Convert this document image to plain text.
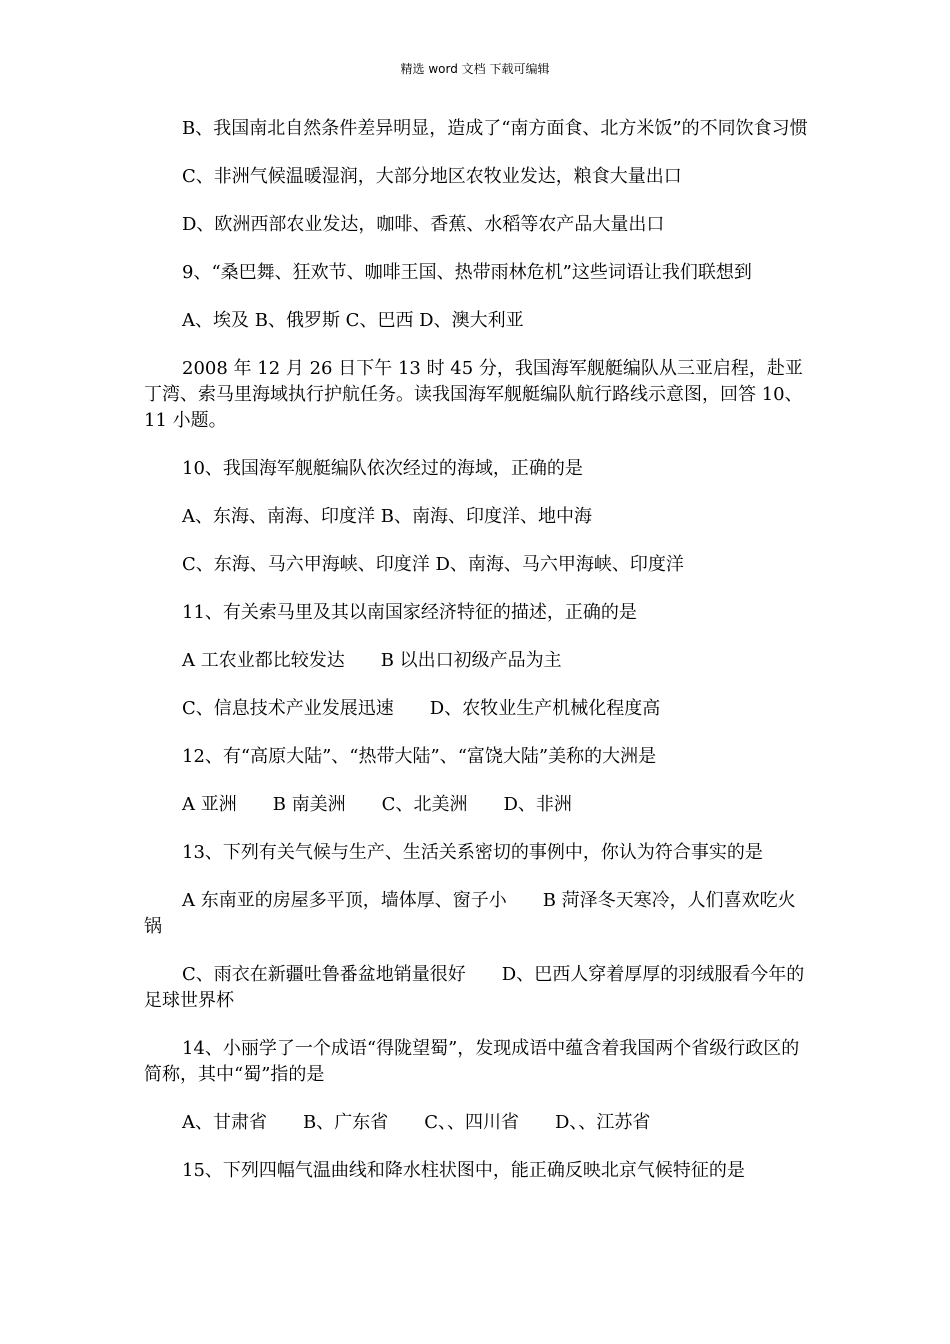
精选 word 文档 下载可编辑

B、我国南北自然条件差异明显，造成了“南方面食、北方米饭”的不同饮食习惯

C、非洲气候温暖湿润，大部分地区农牧业发达，粮食大量出口

D、欧洲西部农业发达，咖啡、香蕉、水稻等农产品大量出口

9、“桑巴舞、狂欢节、咖啡王国、热带雨林危机”这些词语让我们联想到

A、埃及 B、俄罗斯 C、巴西 D、澳大利亚

2008 年 12 月 26 日下午 13 时 45 分，我国海军舰艇编队从三亚启程，赴亚丁湾、索马里海域执行护航任务。读我国海军舰艇编队航行路线示意图，回答 10、11 小题。

10、我国海军舰艇编队依次经过的海域，正确的是

A、东海、南海、印度洋 B、南海、印度洋、地中海

C、东海、马六甲海峡、印度洋 D、南海、马六甲海峡、印度洋

11、有关索马里及其以南国家经济特征的描述，正确的是

A 工农业都比较发达　　B 以出口初级产品为主

C、信息技术产业发展迅速　　D、农牧业生产机械化程度高

12、有“高原大陆”、“热带大陆”、“富饶大陆”美称的大洲是

A 亚洲　　B 南美洲　　C、北美洲　　D、非洲

13、下列有关气候与生产、生活关系密切的事例中，你认为符合事实的是

A 东南亚的房屋多平顶，墙体厚、窗子小　　B 菏泽冬天寒冷，人们喜欢吃火锅

C、雨衣在新疆吐鲁番盆地销量很好　　D、巴西人穿着厚厚的羽绒服看今年的足球世界杯

14、小丽学了一个成语“得陇望蜀”，发现成语中蕴含着我国两个省级行政区的简称，其中“蜀”指的是

A、甘肃省　　B、广东省　　C、、四川省　　D、、江苏省

15、下列四幅气温曲线和降水柱状图中，能正确反映北京气候特征的是
